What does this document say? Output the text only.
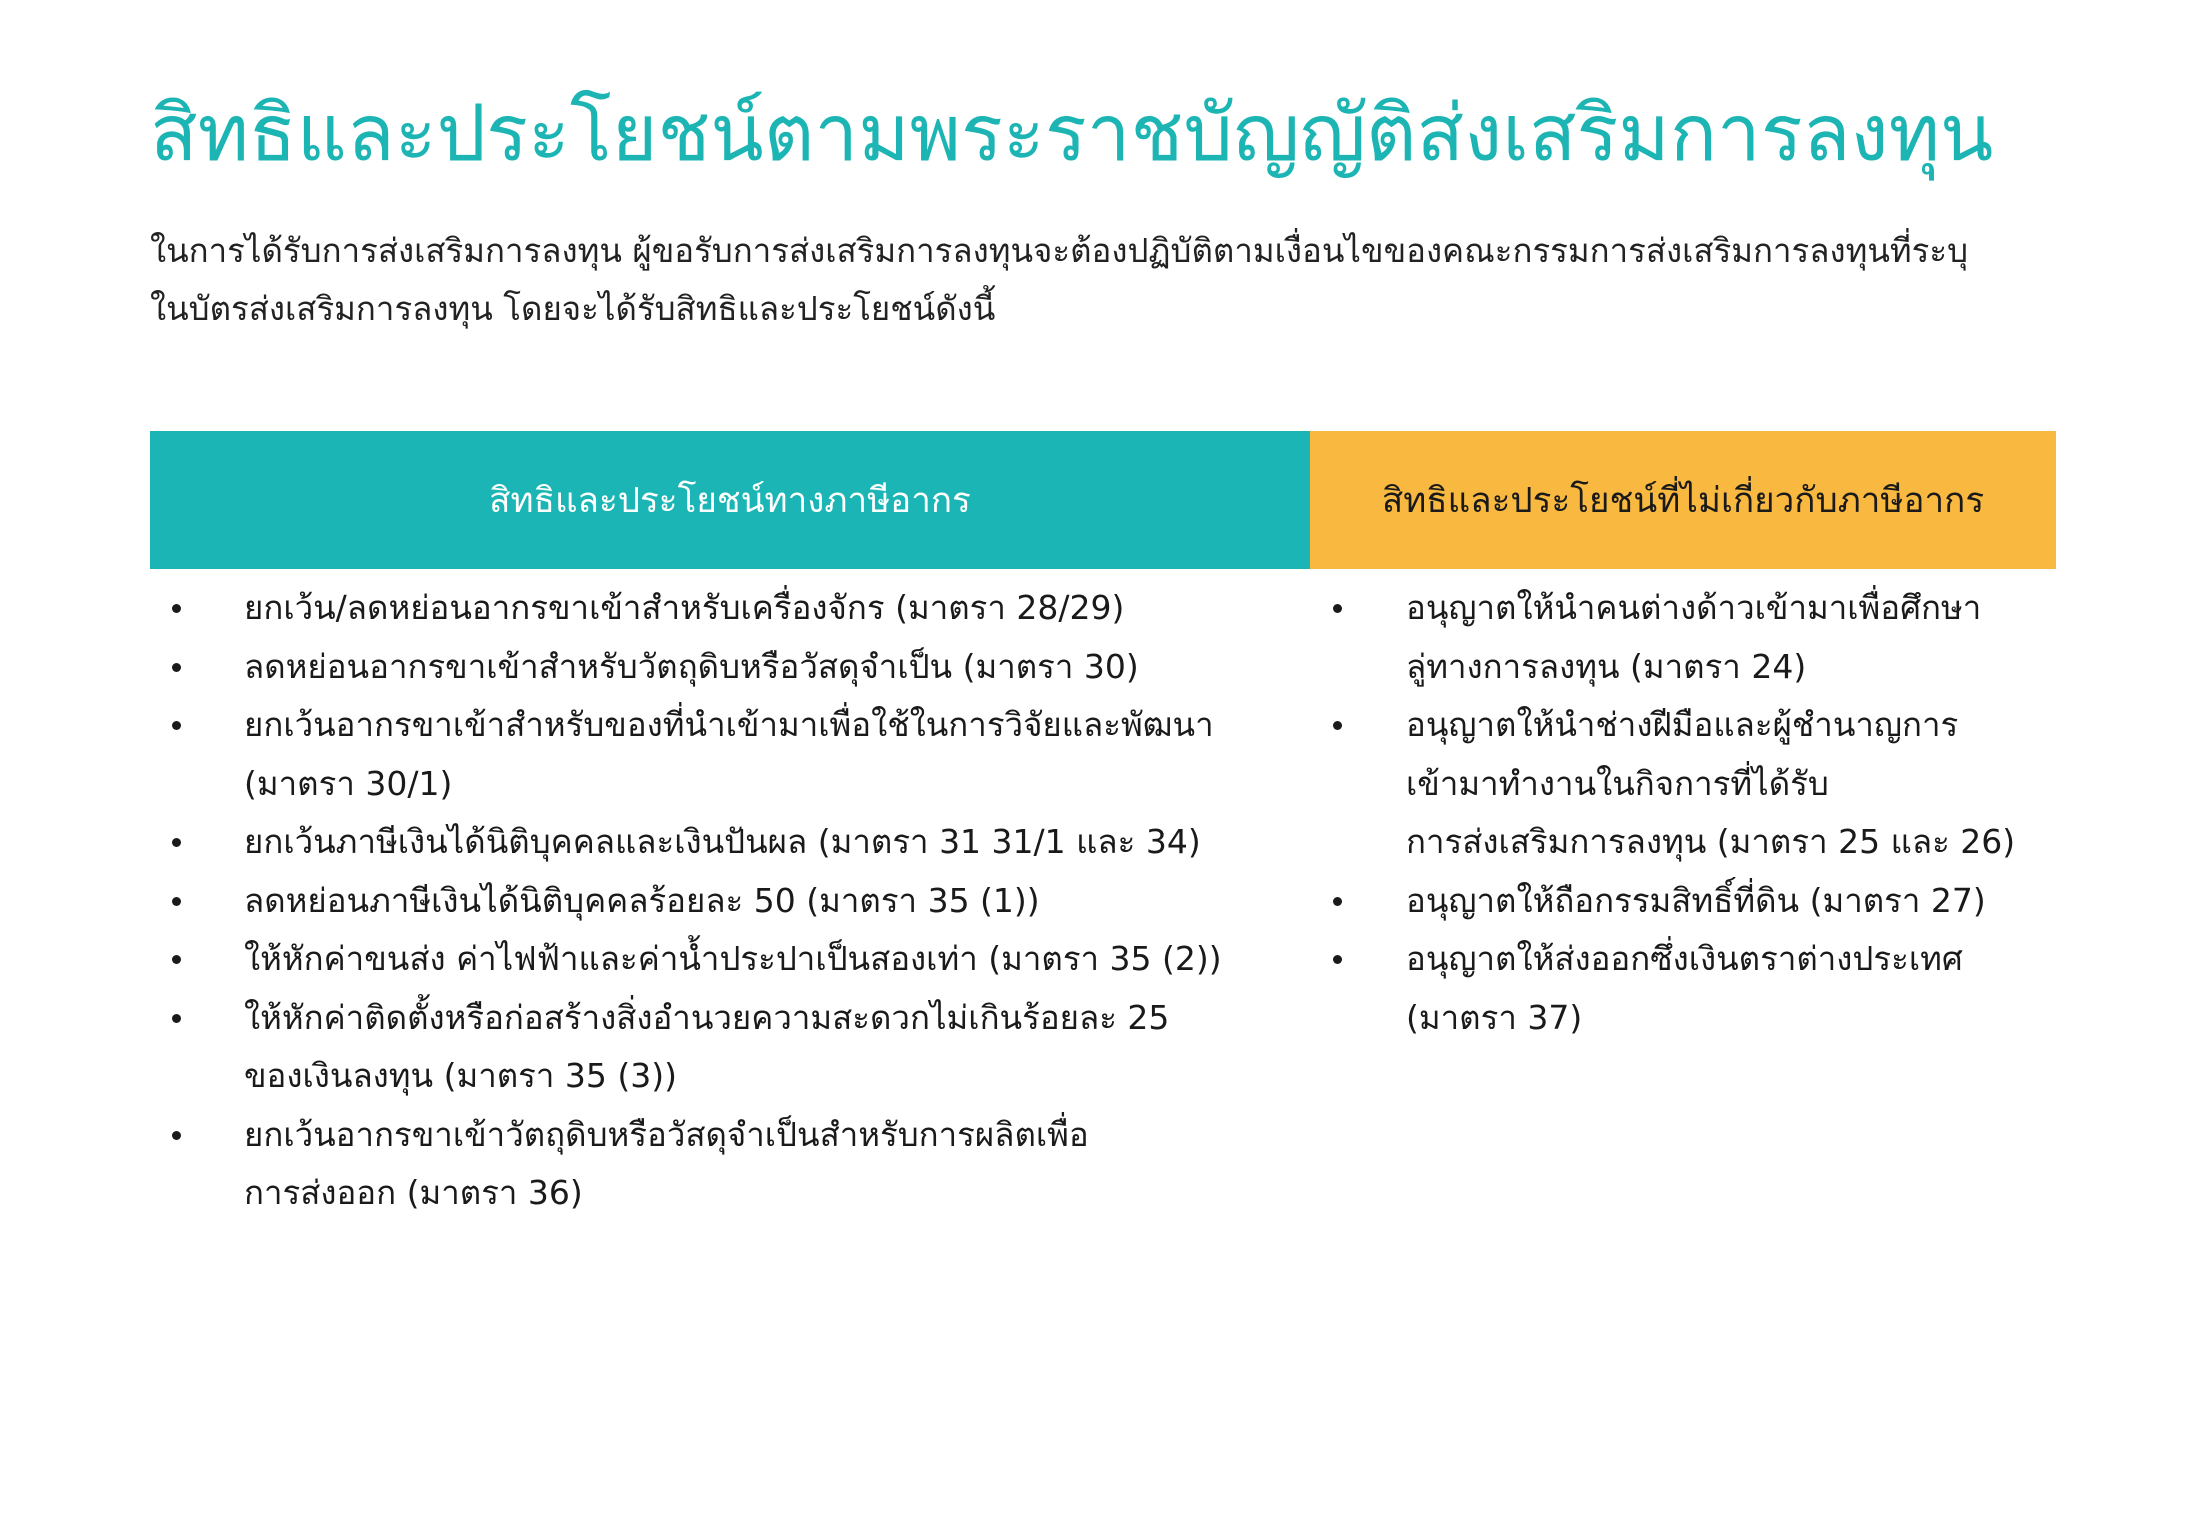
สิทธิและประโยชน์ตามพระราชบัญญัติส่งเสริมการลงทุน

ในการได้รับการส่งเสริมการลงทุน ผู้ขอรับการส่งเสริมการลงทุนจะต้องปฏิบัติตามเงื่อนไขของคณะกรรมการส่งเสริมการลงทุนที่ระบุ

ในบัตรส่งเสริมการลงทุน โดยจะได้รับสิทธิและประโยชน์ดังนี้

สิทธิและประโยชน์ทางภาษีอากร	สิทธิและประโยชน์ที่ไม่เกี่ยวกับภาษีอากร
ยกเว้น/ลดหย่อนอากรขาเข้าสำหรับเครื่องจักร (มาตรา 28/29)
ลดหย่อนอากรขาเข้าสำหรับวัตถุดิบหรือวัสดุจำเป็น (มาตรา 30)
ยกเว้นอากรขาเข้าสำหรับของที่นำเข้ามาเพื่อใช้ในการวิจัยและพัฒนา
(มาตรา 30/1)
ยกเว้นภาษีเงินได้นิติบุคคลและเงินปันผล (มาตรา 31 31/1 และ 34)
ลดหย่อนภาษีเงินได้นิติบุคคลร้อยละ 50 (มาตรา 35 (1))
ให้หักค่าขนส่ง ค่าไฟฟ้าและค่าน้ำประปาเป็นสองเท่า (มาตรา 35 (2))
ให้หักค่าติดตั้งหรือก่อสร้างสิ่งอำนวยความสะดวกไม่เกินร้อยละ 25
ของเงินลงทุน (มาตรา 35 (3))
ยกเว้นอากรขาเข้าวัตถุดิบหรือวัสดุจำเป็นสำหรับการผลิตเพื่อ
การส่งออก (มาตรา 36)
อนุญาตให้นำคนต่างด้าวเข้ามาเพื่อศึกษา
ลู่ทางการลงทุน (มาตรา 24)
อนุญาตให้นำช่างฝีมือและผู้ชำนาญการ
เข้ามาทำงานในกิจการที่ได้รับ
การส่งเสริมการลงทุน (มาตรา 25 และ 26)
อนุญาตให้ถือกรรมสิทธิ์ที่ดิน (มาตรา 27)
อนุญาตให้ส่งออกซึ่งเงินตราต่างประเทศ
(มาตรา 37)
